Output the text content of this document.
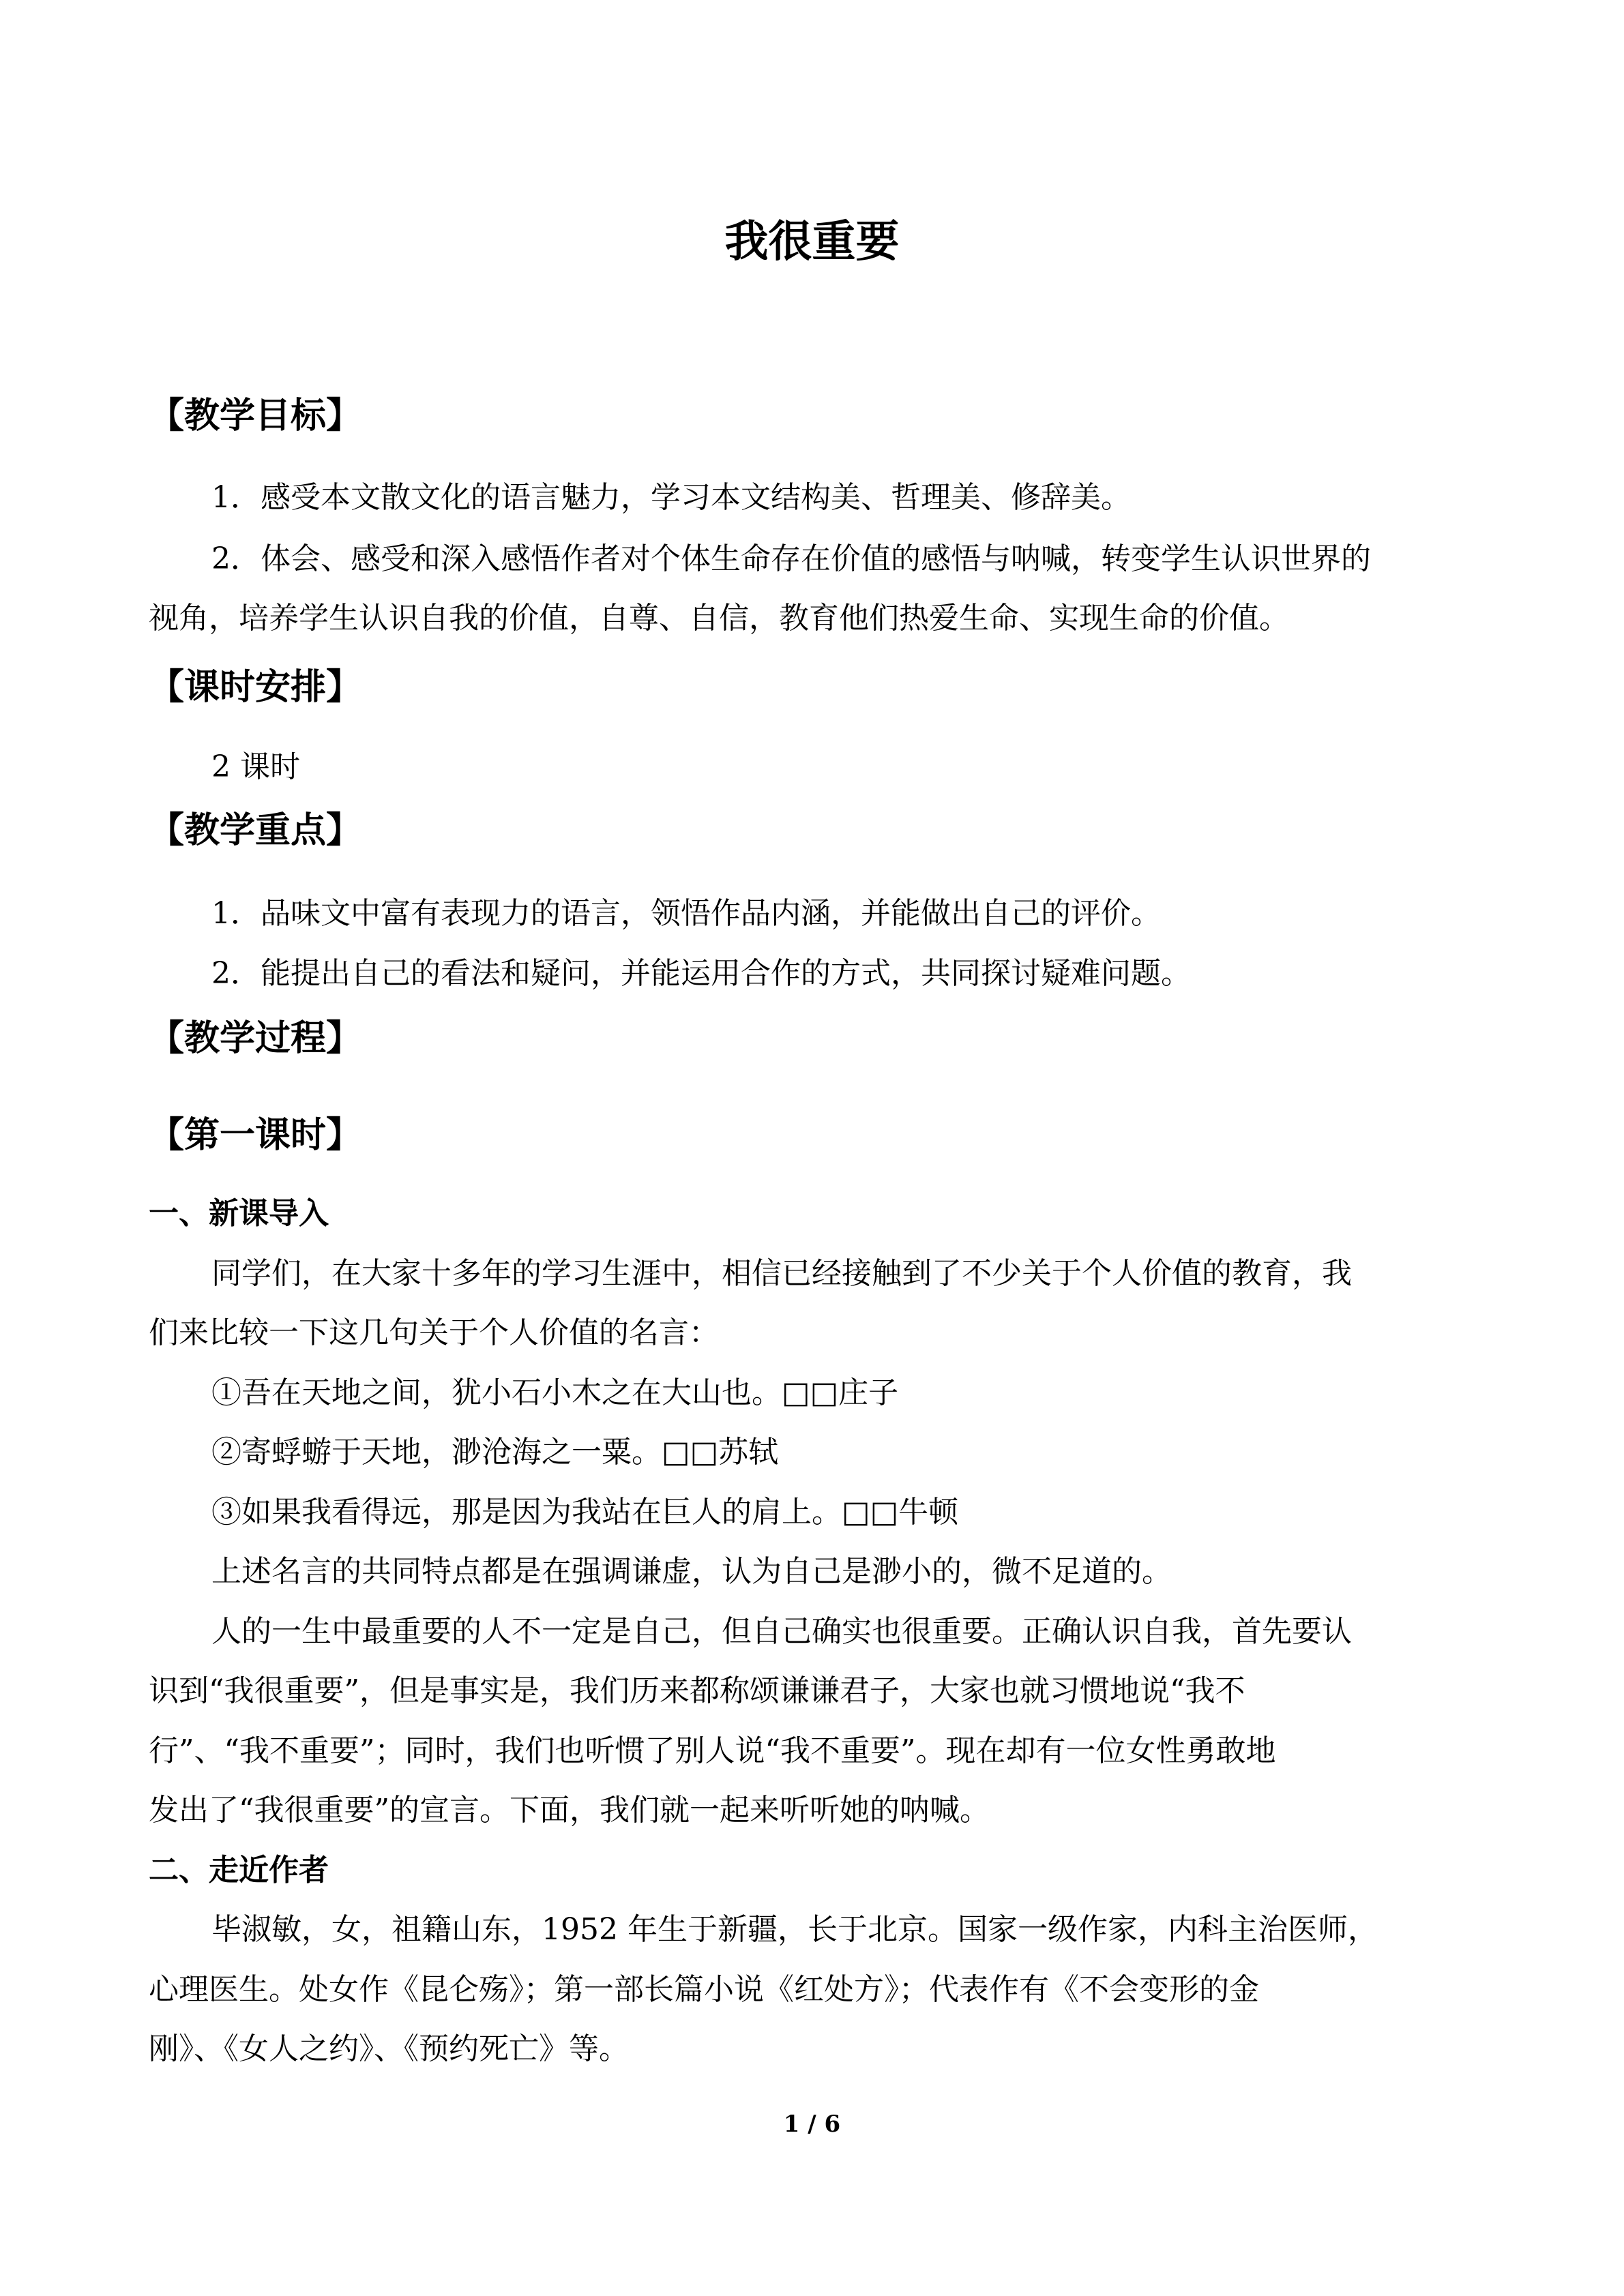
我很重要
【教学目标】
1．感受本文散文化的语言魅力，学习本文结构美、哲理美、修辞美。
2．体会、感受和深入感悟作者对个体生命存在价值的感悟与呐喊，转变学生认识世界的
视角，培养学生认识自我的价值，自尊、自信，教育他们热爱生命、实现生命的价值。
【课时安排】
2 课时
【教学重点】
1．品味文中富有表现力的语言，领悟作品内涵，并能做出自己的评价。
2．能提出自己的看法和疑问，并能运用合作的方式，共同探讨疑难问题。
【教学过程】
【第一课时】
一、新课导入
同学们，在大家十多年的学习生涯中，相信已经接触到了不少关于个人价值的教育，我
们来比较一下这几句关于个人价值的名言：
①吾在天地之间，犹小石小木之在大山也。□□庄子
②寄蜉蝣于天地，渺沧海之一粟。□□苏轼
③如果我看得远，那是因为我站在巨人的肩上。□□牛顿
上述名言的共同特点都是在强调谦虚，认为自己是渺小的，微不足道的。
人的一生中最重要的人不一定是自己，但自己确实也很重要。正确认识自我，首先要认
识到“我很重要”，但是事实是，我们历来都称颂谦谦君子，大家也就习惯地说“我不
行”、“我不重要”；同时，我们也听惯了别人说“我不重要”。现在却有一位女性勇敢地
发出了“我很重要”的宣言。下面，我们就一起来听听她的呐喊。
二、走近作者
毕淑敏，女，祖籍山东，1952 年生于新疆，长于北京。国家一级作家，内科主治医师，
心理医生。处女作《昆仑殇》；第一部长篇小说《红处方》；代表作有《不会变形的金
刚》、《女人之约》、《预约死亡》等。
1 / 6
